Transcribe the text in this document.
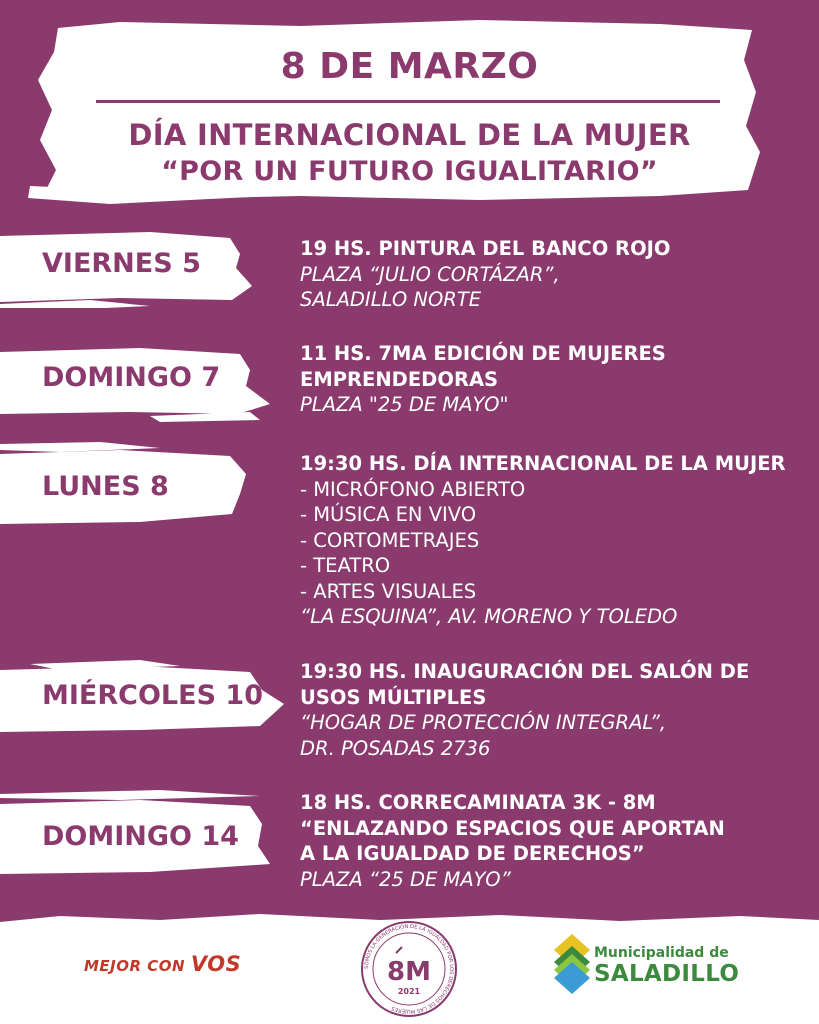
8 DE MARZO
DÍA INTERNACIONAL DE LA MUJER
“POR UN FUTURO IGUALITARIO”
VIERNES 5
DOMINGO 7
LUNES 8
MIÉRCOLES 10
DOMINGO 14
19 HS. PINTURA DEL BANCO ROJO
PLAZA “JULIO CORTÁZAR”,
SALADILLO NORTE
11 HS. 7MA EDICIÓN DE MUJERES
EMPRENDEDORAS
PLAZA "25 DE MAYO"
19:30 HS. DÍA INTERNACIONAL DE LA MUJER
- MICRÓFONO ABIERTO
- MÚSICA EN VIVO
- CORTOMETRAJES
- TEATRO
- ARTES VISUALES
“LA ESQUINA”, AV. MORENO Y TOLEDO
19:30 HS. INAUGURACIÓN DEL SALÓN DE
USOS MÚLTIPLES
“HOGAR DE PROTECCIÓN INTEGRAL”,
DR. POSADAS 2736
18 HS. CORRECAMINATA 3K - 8M
“ENLAZANDO ESPACIOS QUE APORTAN
A LA IGUALDAD DE DERECHOS”
PLAZA “25 DE MAYO”
MEJOR CON VOS	SOMOS LA GENERACIÓN DE LA IGUALDAD POR LOS DERECHOS DE LAS MUJERES
8M
2021
Municipalidad de
SALADILLO
